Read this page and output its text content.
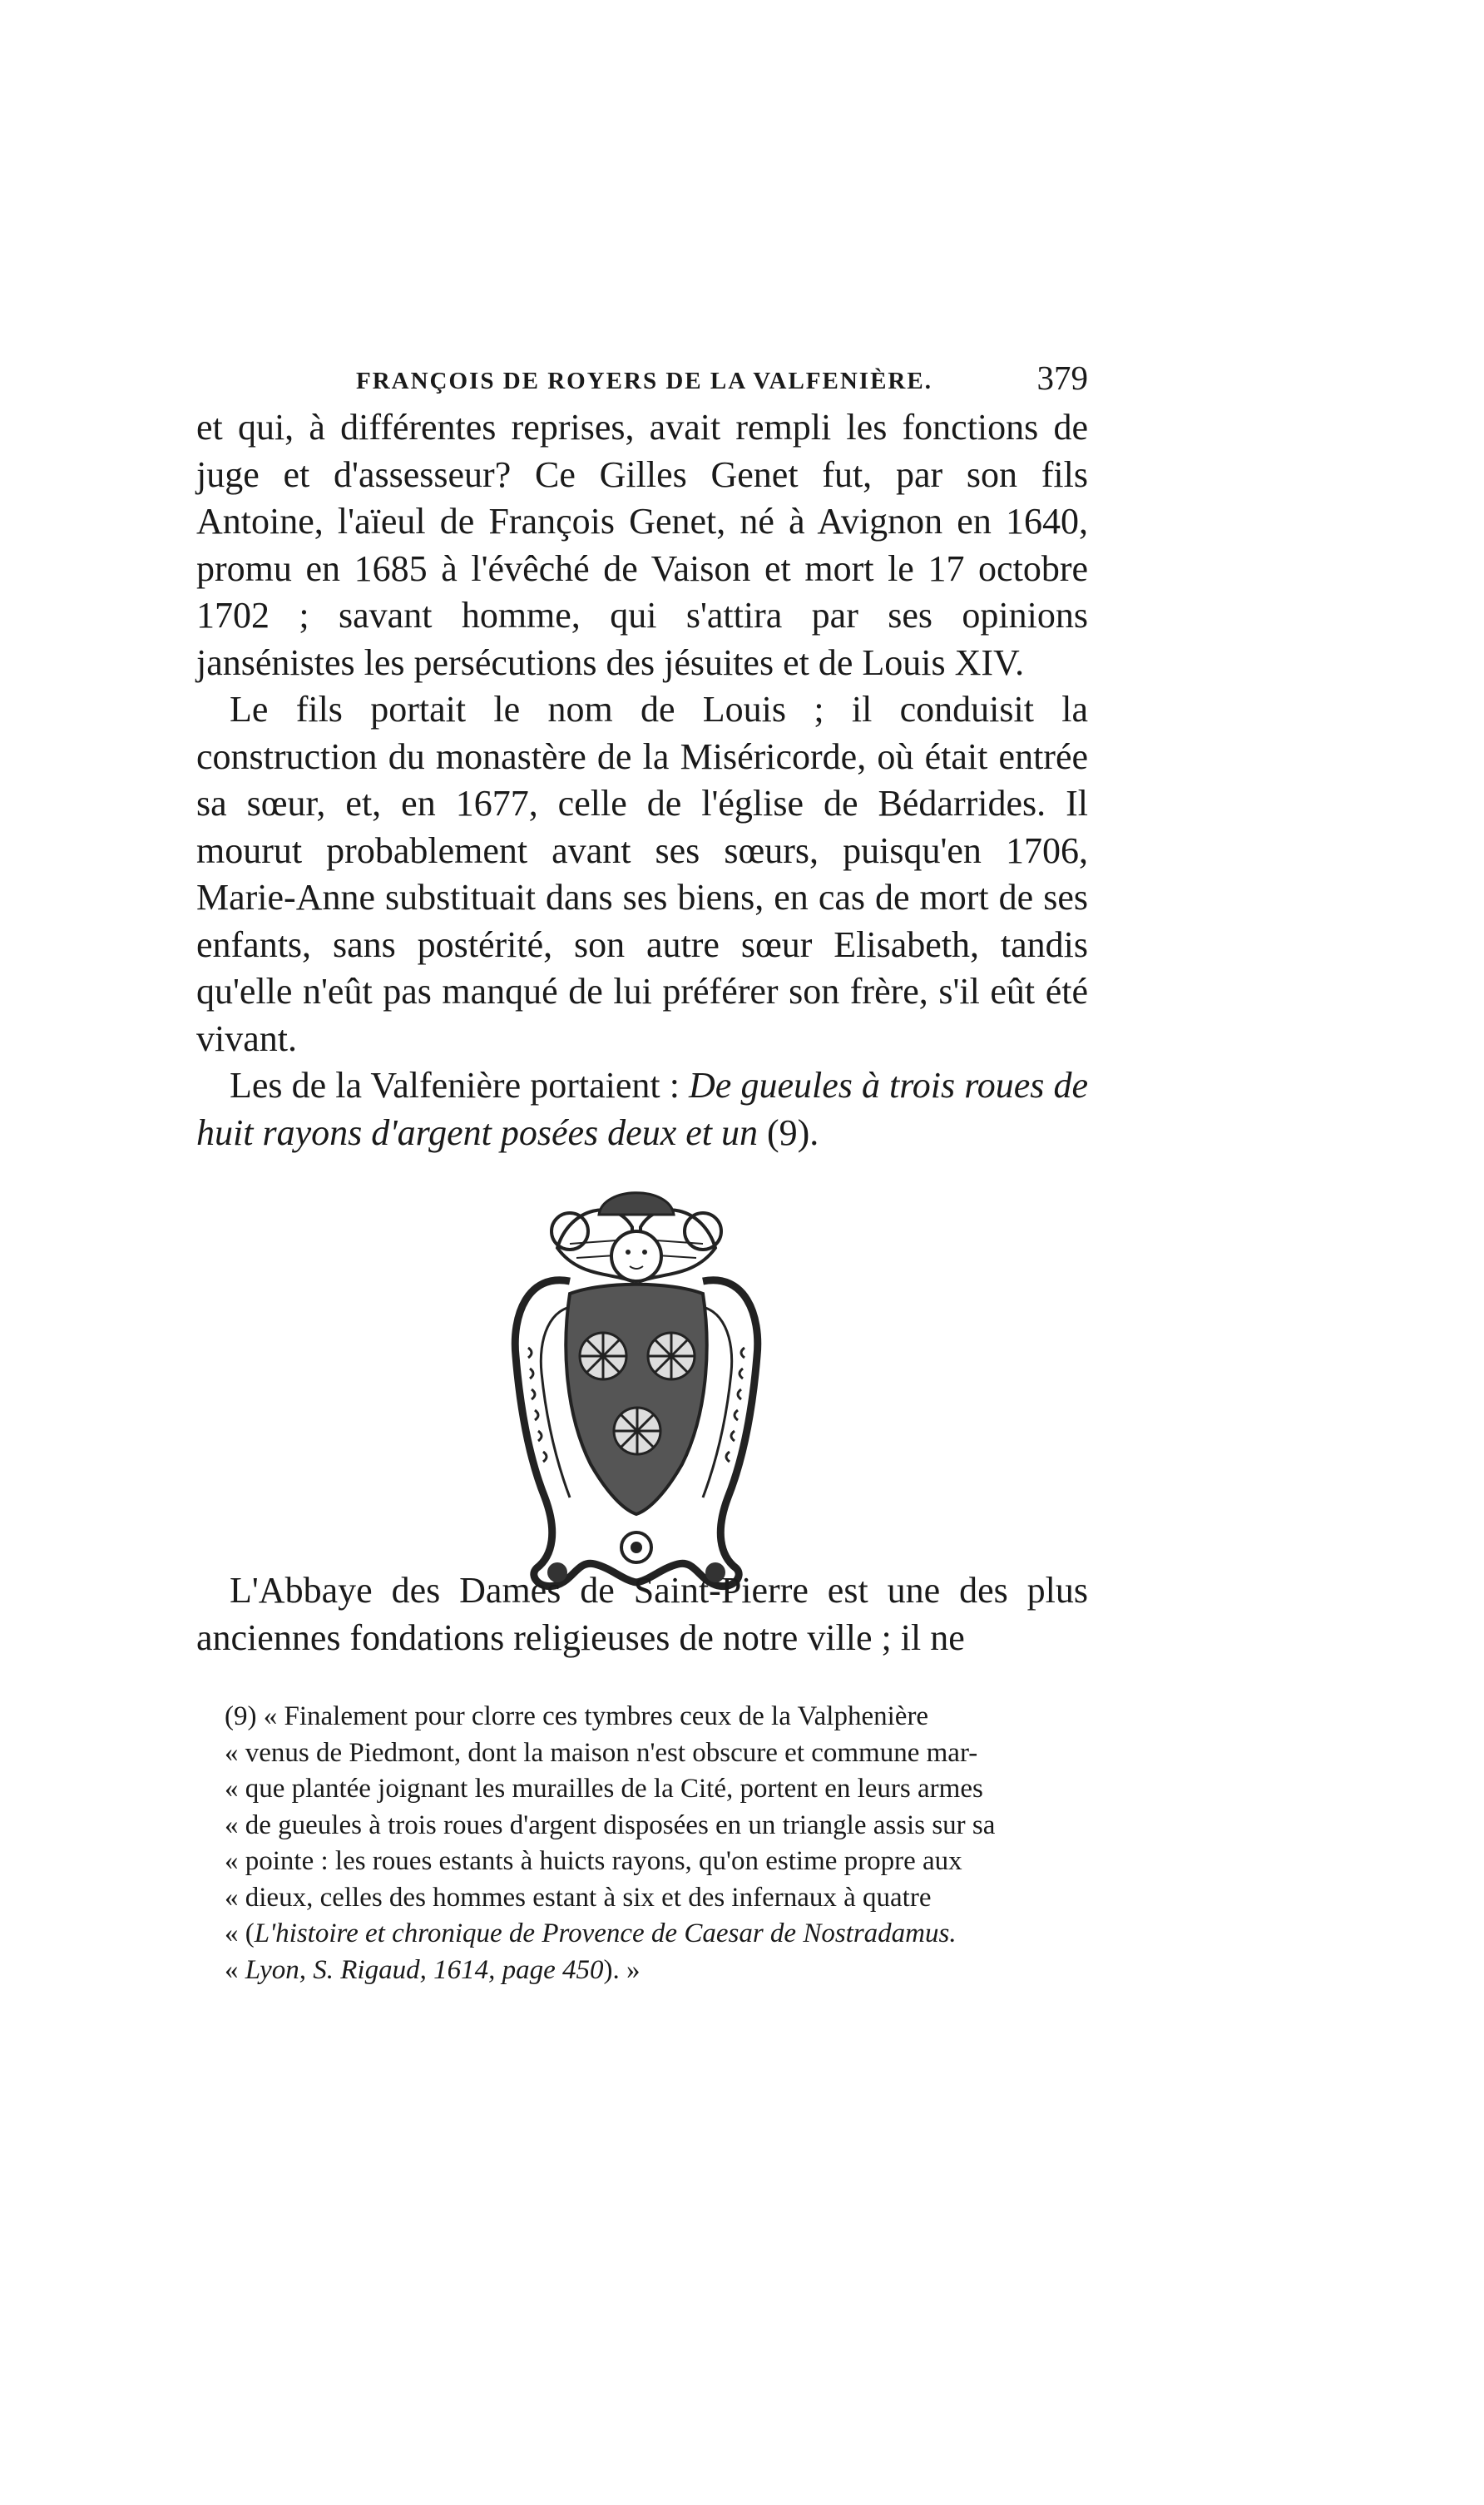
FRANÇOIS DE ROYERS DE LA VALFENIÈRE.	379

et qui, à différentes reprises, avait rempli les fonctions de juge et d'assesseur? Ce Gilles Genet fut, par son fils Antoine, l'aïeul de François Genet, né à Avignon en 1640, promu en 1685 à l'évêché de Vaison et mort le 17 octobre 1702 ; savant homme, qui s'attira par ses opinions jansénistes les persécutions des jésuites et de Louis XIV.

Le fils portait le nom de Louis ; il conduisit la construction du monastère de la Miséricorde, où était entrée sa sœur, et, en 1677, celle de l'église de Bédarrides. Il mourut probablement avant ses sœurs, puisqu'en 1706, Marie-Anne substituait dans ses biens, en cas de mort de ses enfants, sans postérité, son autre sœur Elisabeth, tandis qu'elle n'eût pas manqué de lui préférer son frère, s'il eût été vivant.

Les de la Valfenière portaient : De gueules à trois roues de huit rayons d'argent posées deux et un (9).

L'Abbaye des Dames de Saint-Pierre est une des plus anciennes fondations religieuses de notre ville ; il ne

(9) « Finalement pour clorre ces tymbres ceux de la Valphenière
« venus de Piedmont, dont la maison n'est obscure et commune mar-
« que plantée joignant les murailles de la Cité, portent en leurs armes
« de gueules à trois roues d'argent disposées en un triangle assis sur sa
« pointe : les roues estants à huicts rayons, qu'on estime propre aux
« dieux, celles des hommes estant à six et des infernaux à quatre
« (L'histoire et chronique de Provence de Caesar de Nostradamus.
« Lyon, S. Rigaud, 1614, page 450). »
